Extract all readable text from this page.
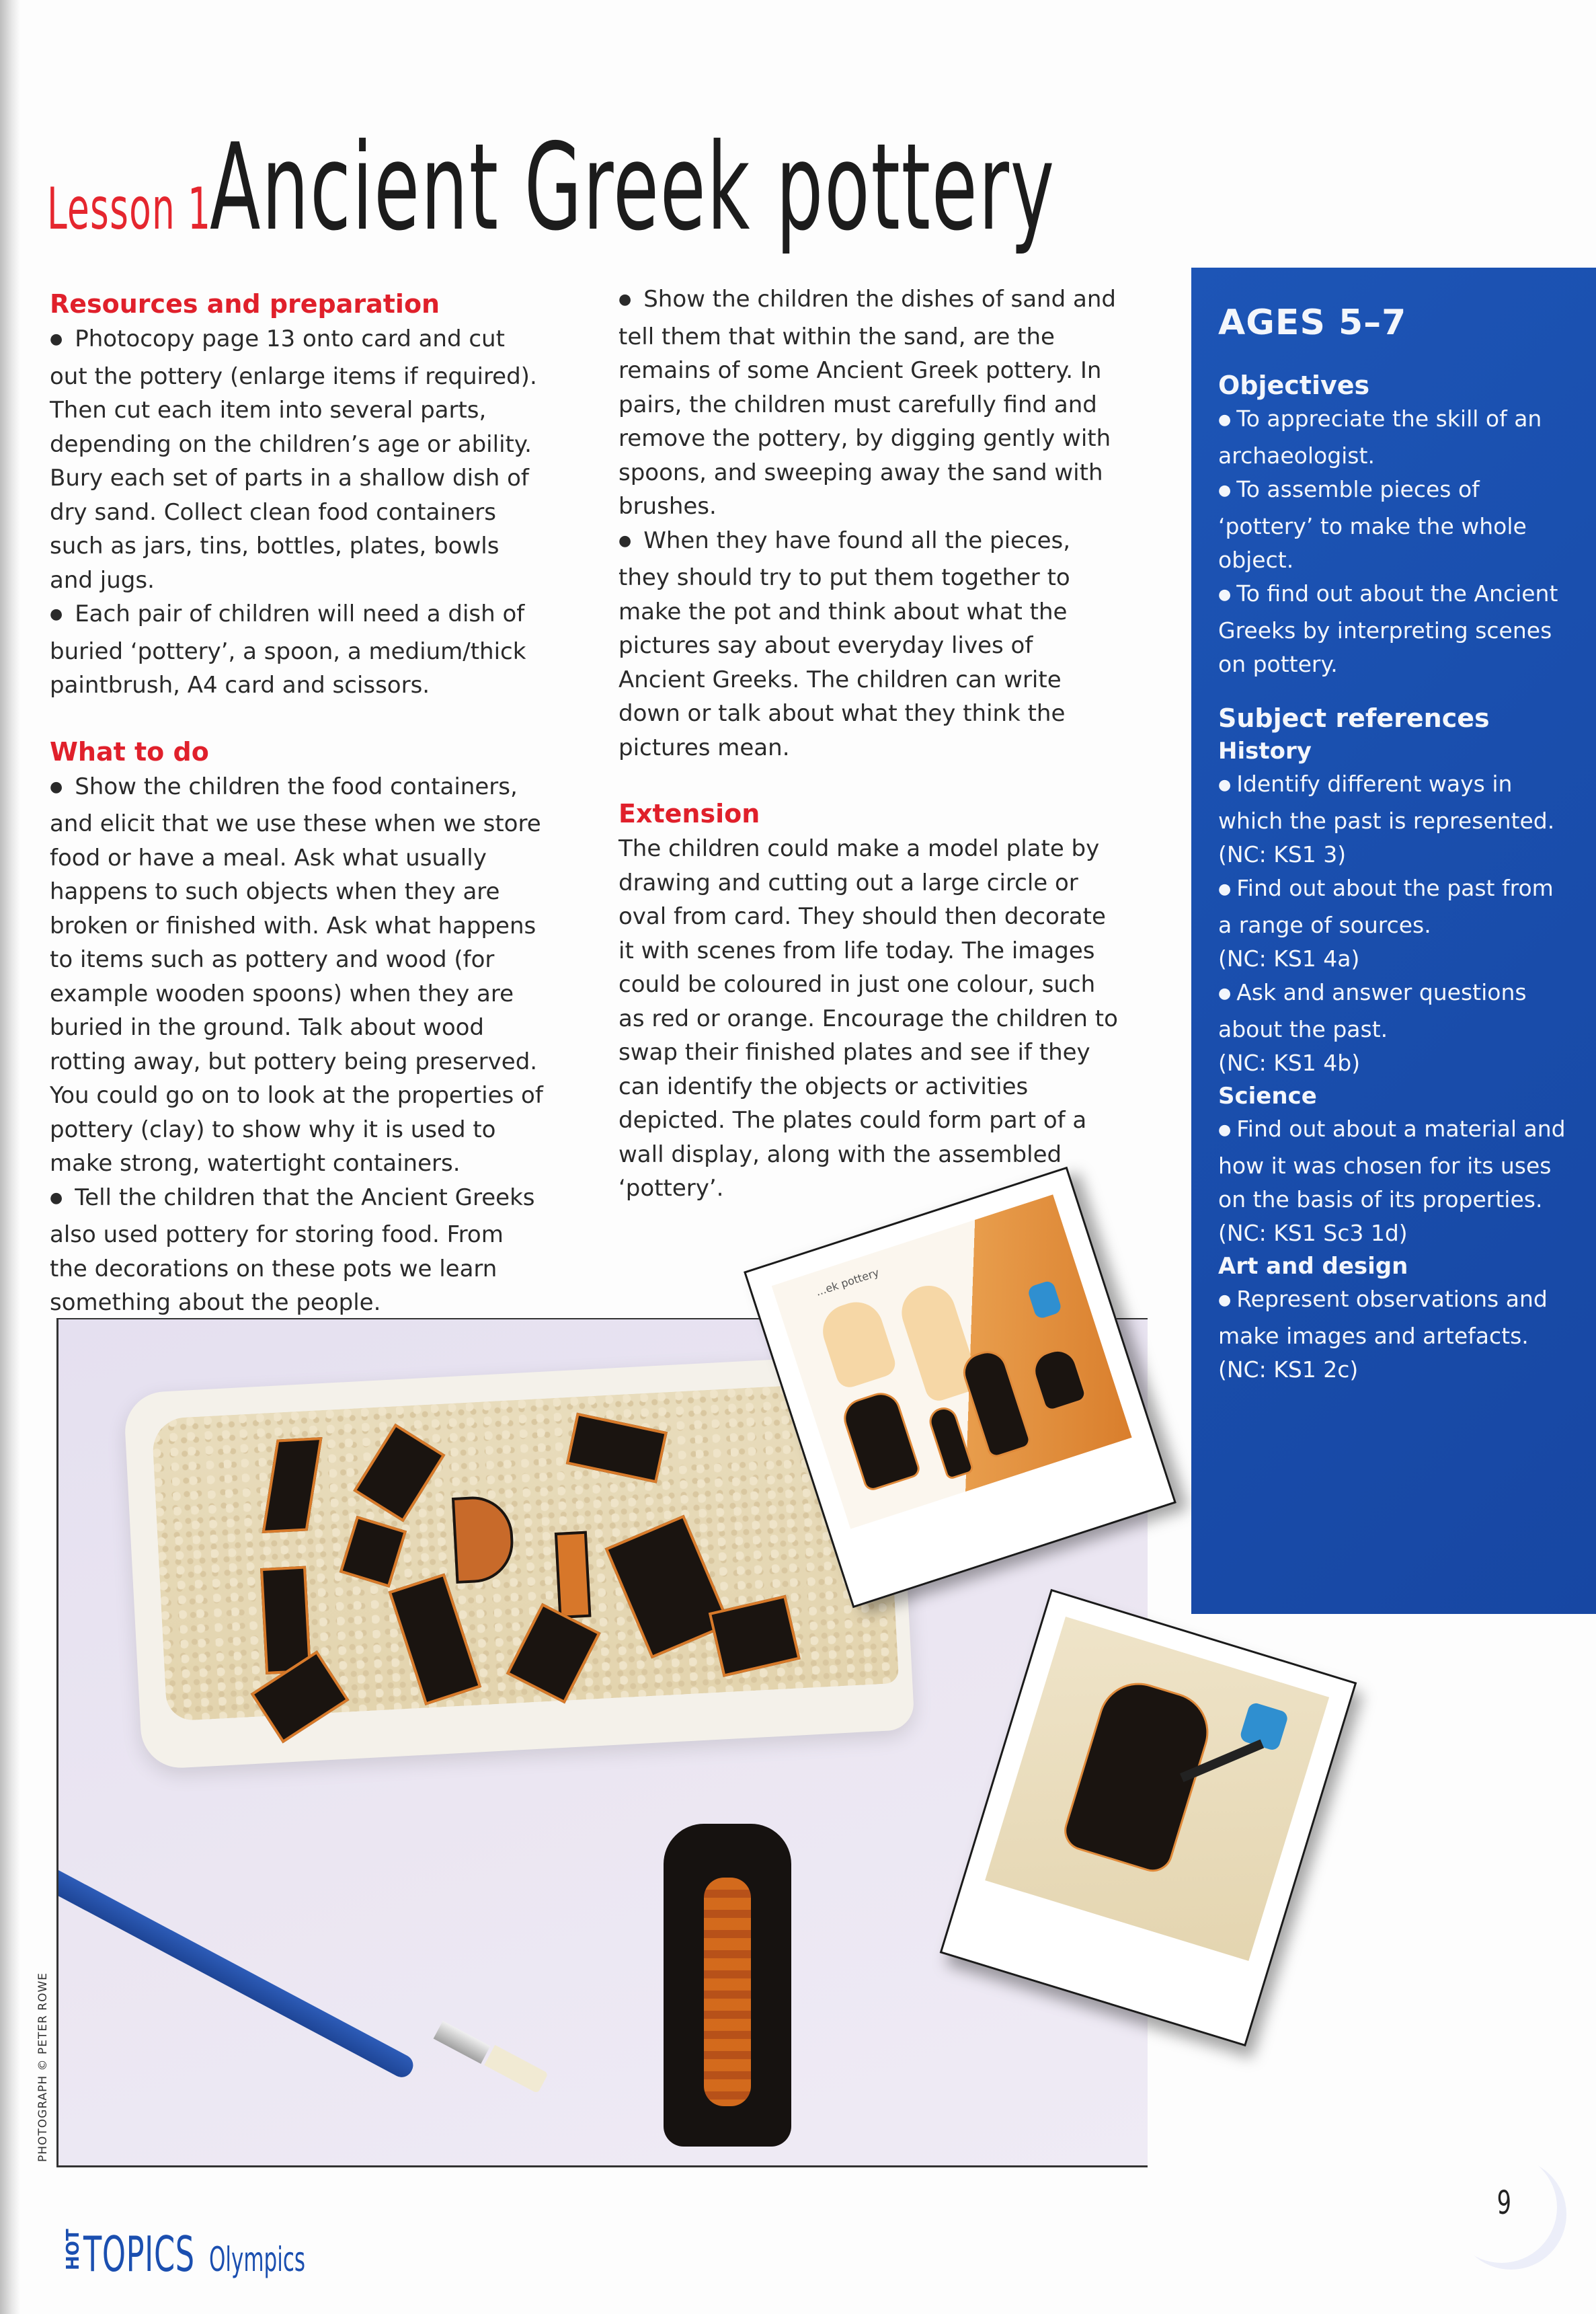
Lesson 1Ancient Greek pottery
Resources and preparation

● Photocopy page 13 onto card and cut out the pottery (enlarge items if required). Then cut each item into several parts, depending on the children’s age or ability. Bury each set of parts in a shallow dish of dry sand. Collect clean food containers such as jars, tins, bottles, plates, bowls and jugs.

● Each pair of children will need a dish of buried ‘pottery’, a spoon, a medium/thick paintbrush, A4 card and scissors.

What to do

● Show the children the food containers, and elicit that we use these when we store food or have a meal. Ask what usually happens to such objects when they are broken or finished with. Ask what happens to items such as pottery and wood (for example wooden spoons) when they are buried in the ground. Talk about wood rotting away, but pottery being preserved. You could go on to look at the properties of pottery (clay) to show why it is used to make strong, watertight containers.

● Tell the children that the Ancient Greeks also used pottery for storing food. From the decorations on these pots we learn something about the people.

● Show the children the dishes of sand and tell them that within the sand, are the remains of some Ancient Greek pottery. In pairs, the children must carefully find and remove the pottery, by digging gently with spoons, and sweeping away the sand with brushes.

● When they have found all the pieces, they should try to put them together to make the pot and think about what the pictures say about everyday lives of Ancient Greeks. The children can write down or talk about what they think the pictures mean.

Extension

The children could make a model plate by drawing and cutting out a large circle or oval from card. They should then decorate it with scenes from life today. The images could be coloured in just one colour, such as red or orange. Encourage the children to swap their finished plates and see if they can identify the objects or activities depicted. The plates could form part of a wall display, along with the assembled ‘pottery’.

PHOTOGRAPH © PETER ROWE
...ek pottery
AGES 5–7
Objectives

● To appreciate the skill of an archaeologist.

● To assemble pieces of ‘pottery’ to make the whole object.

● To find out about the Ancient Greeks by interpreting scenes on pottery.

Subject references
History

● Identify different ways in which the past is represented.

(NC: KS1 3)

● Find out about the past from a range of sources.

(NC: KS1 4a)

● Ask and answer questions about the past.

(NC: KS1 4b)

Science

● Find out about a material and how it was chosen for its uses on the basis of its properties.

(NC: KS1 Sc3 1d)

Art and design

● Represent observations and make images and artefacts.

(NC: KS1 2c)

HOTTOPICS Olympics
9
